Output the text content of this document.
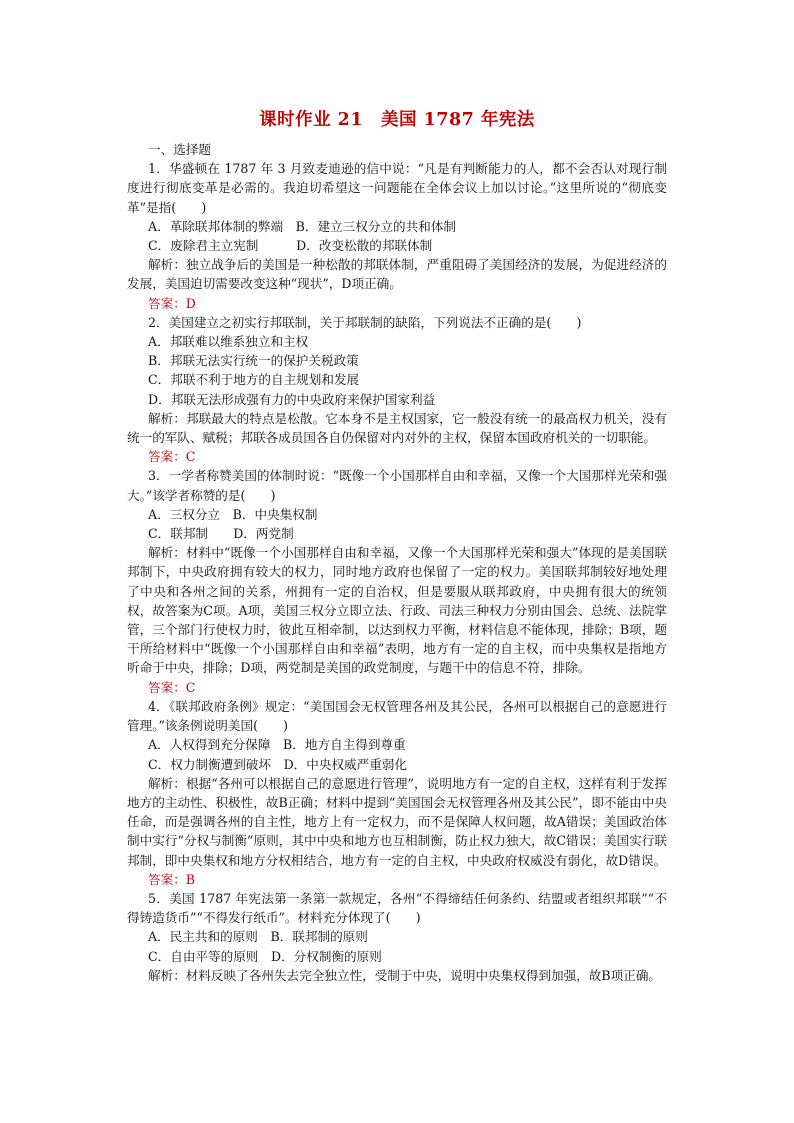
课时作业 21　美国 1787 年宪法

一、选择题

1．华盛顿在 1787 年 3 月致麦迪逊的信中说：“凡是有判断能力的人，都不会否认对现行制度进行彻底变革是必需的。我迫切希望这一问题能在全体会议上加以讨论。”这里所说的“彻底变革”是指(　　)

A．革除联邦体制的弊端　B．建立三权分立的共和体制

C．废除君主立宪制　　　D．改变松散的邦联体制

解析：独立战争后的美国是一种松散的邦联体制，严重阻碍了美国经济的发展，为促进经济的发展，美国迫切需要改变这种“现状”，D项正确。

答案：D

2．美国建立之初实行邦联制，关于邦联制的缺陷，下列说法不正确的是(　　)

A．邦联难以维系独立和主权

B．邦联无法实行统一的保护关税政策

C．邦联不利于地方的自主规划和发展

D．邦联无法形成强有力的中央政府来保护国家利益

解析：邦联最大的特点是松散。它本身不是主权国家，它一般没有统一的最高权力机关，没有统一的军队、赋税；邦联各成员国各自仍保留对内对外的主权，保留本国政府机关的一切职能。

答案：C

3．一学者称赞美国的体制时说：“既像一个小国那样自由和幸福，又像一个大国那样光荣和强大。”该学者称赞的是(　　)

A．三权分立　B．中央集权制

C．联邦制　　D．两党制

解析：材料中“既像一个小国那样自由和幸福，又像一个大国那样光荣和强大”体现的是美国联邦制下，中央政府拥有较大的权力，同时地方政府也保留了一定的权力。美国联邦制较好地处理了中央和各州之间的关系，州拥有一定的自治权，但是要服从联邦政府，中央拥有很大的统领权，故答案为C项。A项，美国三权分立即立法、行政、司法三种权力分别由国会、总统、法院掌管，三个部门行使权力时，彼此互相牵制，以达到权力平衡，材料信息不能体现，排除；B项，题干所给材料中“既像一个小国那样自由和幸福”表明，地方有一定的自主权，而中央集权是指地方听命于中央，排除；D项，两党制是美国的政党制度，与题干中的信息不符，排除。

答案：C

4．《联邦政府条例》规定：“美国国会无权管理各州及其公民，各州可以根据自己的意愿进行管理。”该条例说明美国(　　)

A．人权得到充分保障　B．地方自主得到尊重

C．权力制衡遭到破坏　D．中央权威严重弱化

解析：根据“各州可以根据自己的意愿进行管理”，说明地方有一定的自主权，这样有利于发挥地方的主动性、积极性，故B正确；材料中提到“美国国会无权管理各州及其公民”，即不能由中央任命，而是强调各州的自主性，地方上有一定权力，而不是保障人权问题，故A错误；美国政治体制中实行“分权与制衡”原则，其中中央和地方也互相制衡，防止权力独大，故C错误；美国实行联邦制，即中央集权和地方分权相结合，地方有一定的自主权，中央政府权威没有弱化，故D错误。

答案：B

5．美国 1787 年宪法第一条第一款规定，各州“不得缔结任何条约、结盟或者组织邦联”“不得铸造货币”“不得发行纸币”。材料充分体现了(　　)

A．民主共和的原则　B．联邦制的原则

C．自由平等的原则　D．分权制衡的原则

解析：材料反映了各州失去完全独立性，受制于中央，说明中央集权得到加强，故B项正确。
